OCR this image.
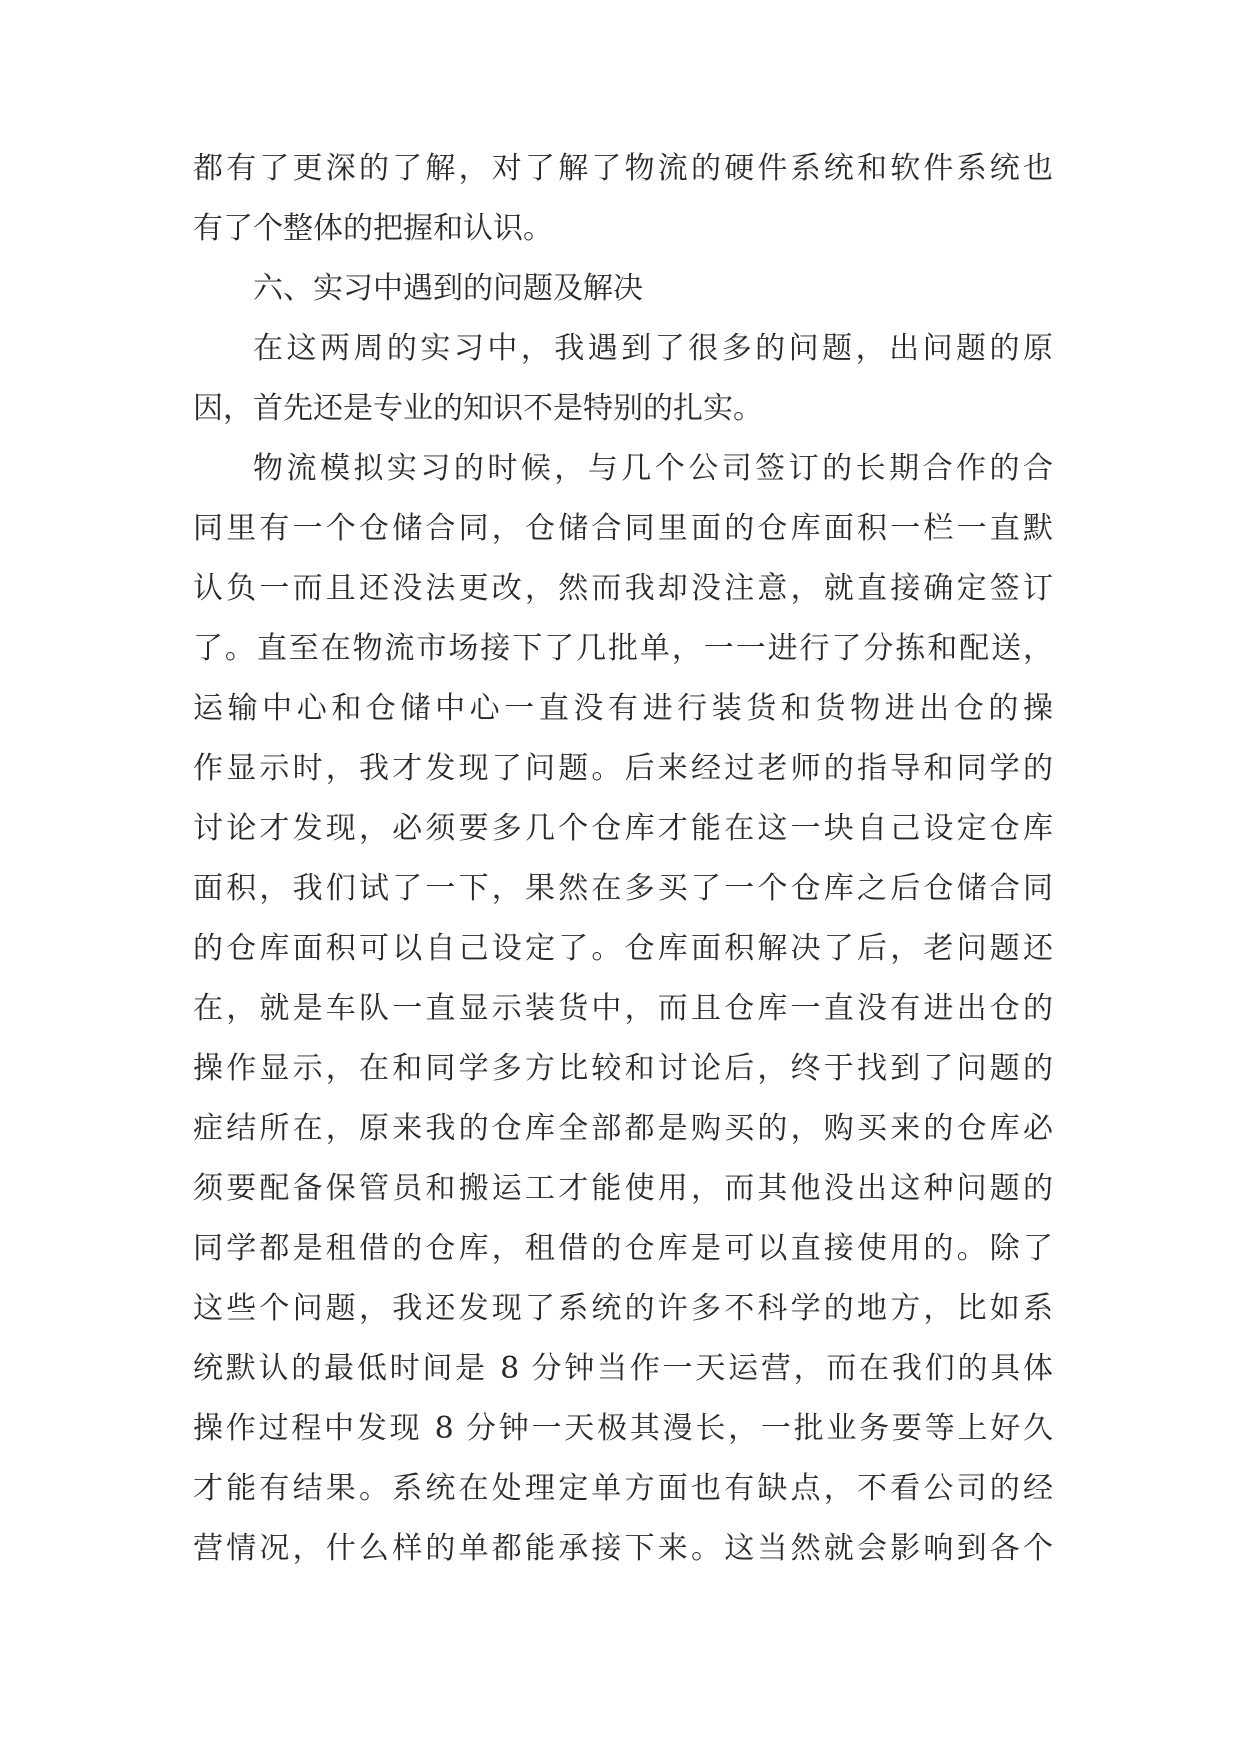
都有了更深的了解，对了解了物流的硬件系统和软件系统也
有了个整体的把握和认识。
六、实习中遇到的问题及解决
在这两周的实习中，我遇到了很多的问题，出问题的原
因，首先还是专业的知识不是特别的扎实。
物流模拟实习的时候，与几个公司签订的长期合作的合
同里有一个仓储合同，仓储合同里面的仓库面积一栏一直默
认负一而且还没法更改，然而我却没注意，就直接确定签订
了。直至在物流市场接下了几批单，一一进行了分拣和配送，
运输中心和仓储中心一直没有进行装货和货物进出仓的操
作显示时，我才发现了问题。后来经过老师的指导和同学的
讨论才发现，必须要多几个仓库才能在这一块自己设定仓库
面积，我们试了一下，果然在多买了一个仓库之后仓储合同
的仓库面积可以自己设定了。仓库面积解决了后，老问题还
在，就是车队一直显示装货中，而且仓库一直没有进出仓的
操作显示，在和同学多方比较和讨论后，终于找到了问题的
症结所在，原来我的仓库全部都是购买的，购买来的仓库必
须要配备保管员和搬运工才能使用，而其他没出这种问题的
同学都是租借的仓库，租借的仓库是可以直接使用的。除了
这些个问题，我还发现了系统的许多不科学的地方，比如系
统默认的最低时间是 8 分钟当作一天运营，而在我们的具体
操作过程中发现 8 分钟一天极其漫长，一批业务要等上好久
才能有结果。系统在处理定单方面也有缺点，不看公司的经
营情况，什么样的单都能承接下来。这当然就会影响到各个
